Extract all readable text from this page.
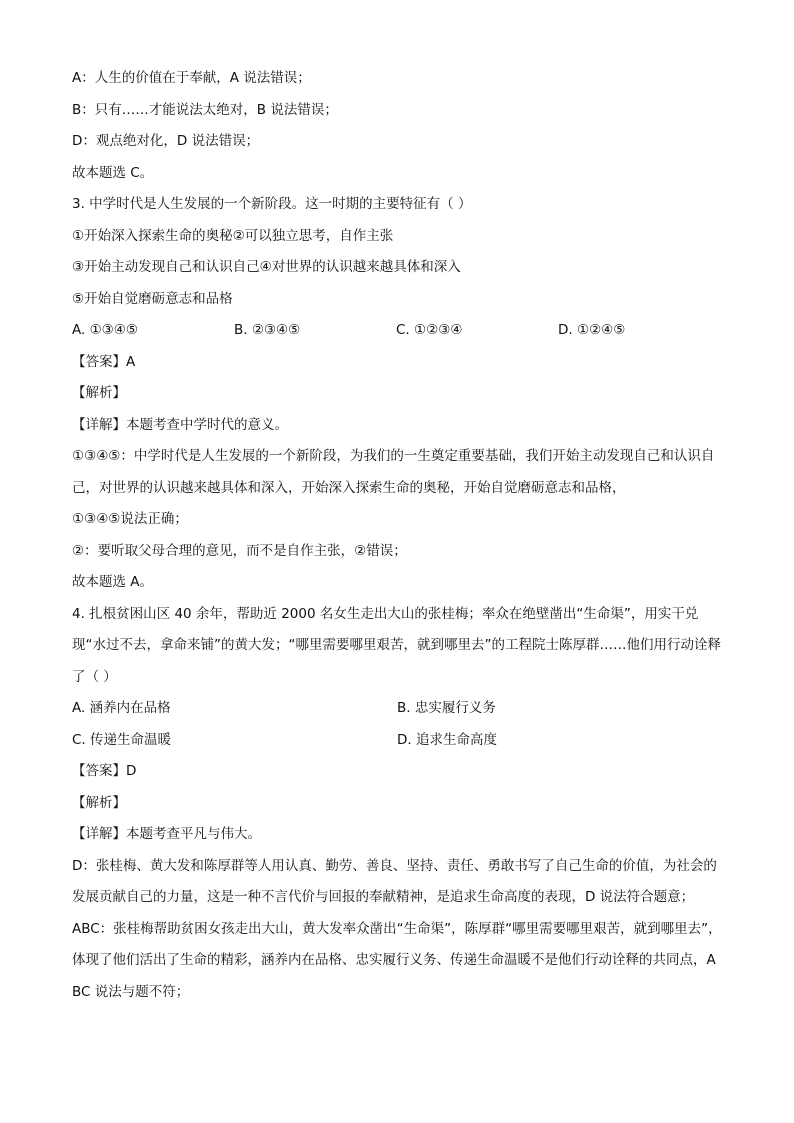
A：人生的价值在于奉献，A 说法错误；
B：只有……才能说法太绝对，B 说法错误；
D：观点绝对化，D 说法错误；
故本题选 C。
3. 中学时代是人生发展的一个新阶段。这一时期的主要特征有（ ）
①开始深入探索生命的奥秘②可以独立思考，自作主张
③开始主动发现自己和认识自己④对世界的认识越来越具体和深入
⑤开始自觉磨砺意志和品格
A. ①③④⑤	B. ②③④⑤	C. ①②③④	D. ①②④⑤
【答案】A
【解析】
【详解】本题考查中学时代的意义。
①③④⑤：中学时代是人生发展的一个新阶段，为我们的一生奠定重要基础，我们开始主动发现自己和认识自己，对世界的认识越来越具体和深入，开始深入探索生命的奥秘，开始自觉磨砺意志和品格，
①③④⑤说法正确；
②：要听取父母合理的意见，而不是自作主张，②错误；
故本题选 A。
4. 扎根贫困山区 40 余年，帮助近 2000 名女生走出大山的张桂梅；率众在绝壁凿出“生命渠”，用实干兑现“水过不去，拿命来铺”的黄大发；“哪里需要哪里艰苦，就到哪里去”的工程院士陈厚群……他们用行动诠释了（ ）
A. 涵养内在品格	B. 忠实履行义务
C. 传递生命温暖	D. 追求生命高度
【答案】D
【解析】
【详解】本题考查平凡与伟大。
D：张桂梅、黄大发和陈厚群等人用认真、勤劳、善良、坚持、责任、勇敢书写了自己生命的价值，为社会的发展贡献自己的力量，这是一种不言代价与回报的奉献精神，是追求生命高度的表现，D 说法符合题意；
ABC：张桂梅帮助贫困女孩走出大山，黄大发率众凿出“生命渠”，陈厚群“哪里需要哪里艰苦，就到哪里去”，体现了他们活出了生命的精彩，涵养内在品格、忠实履行义务、传递生命温暖不是他们行动诠释的共同点，ABC 说法与题不符；
